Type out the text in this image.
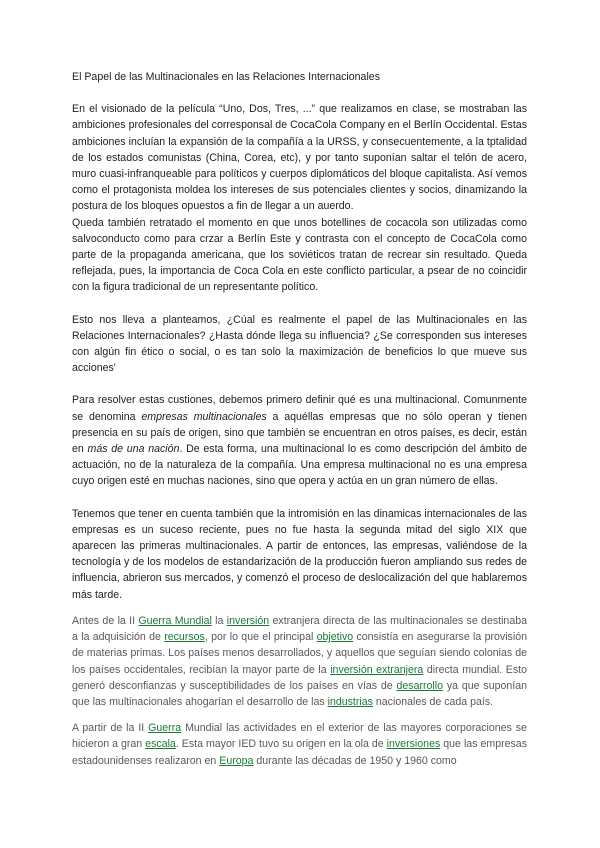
El Papel de las Multinacionales en las Relaciones Internacionales

En el visionado de la película “Uno, Dos, Tres, ...” que realizamos en clase, se mostraban las ambiciones profesionales del corresponsal de CocaCola Company en el Berlín Occidental. Estas ambiciones incluían la expansión de la compañía a la URSS, y consecuentemente, a la tptalidad de los estados comunistas (China, Corea, etc), y por tanto suponían saltar el telón de acero, muro cuasi-infranqueable para políticos y cuerpos diplomáticos del bloque capitalista. Así vemos como el protagonista moldea los intereses de sus potenciales clientes y socios, dinamizando la postura de los bloques opuestos a fin de llegar a un auerdo.

Queda también retratado el momento en que unos botellines de cocacola son utilizadas como salvoconducto como para crzar a Berlín Este y contrasta con el concepto de CocaCola como parte de la propaganda americana, que los soviéticos tratan de recrear sin resultado. Queda reflejada, pues, la importancia de Coca Cola en este conflicto particular, a psear de no coincidir con la figura tradicional de un representante político.

Esto nos lleva a planteamos, ¿Cúal es realmente el papel de las Multinacionales en las Relaciones Internacionales? ¿Hasta dónde llega su influencia? ¿Se corresponden sus intereses con algún fin ético o social, o es tan solo la maximización de beneficios lo que mueve sus acciones'

Para resolver estas custiones, debemos primero definir qué es una multinacional. Comunmente se denomina empresas multinacionales a aquéllas empresas que no sólo operan y tienen presencia en su país de origen, sino que también se encuentran en otros países, es decir, están en más de una nación. De esta forma, una multinacional lo es como descripción del ámbito de actuación, no de la naturaleza de la compañía. Una empresa multinacional no es una empresa cuyo origen esté en muchas naciones, sino que opera y actúa en un gran número de ellas.

Tenemos que tener en cuenta también que la intromisión en las dinamicas internacionales de las empresas es un suceso reciente, pues no fue hasta la segunda mitad del siglo XIX que aparecen las primeras multinacionales. A partir de entonces, las empresas, valiéndose de la tecnología y de los modelos de estandarización de la producción fueron ampliando sus redes de influencia, abrieron sus mercados, y comenzó el proceso de deslocalización del que hablaremos más tarde.

Antes de la II Guerra Mundial la inversión extranjera directa de las multinacionales se destinaba a la adquisición de recursos, por lo que el principal objetivo consistía en asegurarse la provisión de materias primas. Los países menos desarrollados, y aquellos que seguían siendo colonias de los países occidentales, recibían la mayor parte de la inversión extranjera directa mundial. Esto generó desconfianzas y susceptibilidades de los países en vías de desarrollo ya que suponían que las multinacionales ahogarían el desarrollo de las industrias nacionales de cada país.

A partir de la II Guerra Mundial las actividades en el exterior de las mayores corporaciones se hicieron a gran escala. Esta mayor IED tuvo su origen en la ola de inversiones que las empresas estadounidenses realizaron en Europa durante las décadas de 1950 y 1960 como
